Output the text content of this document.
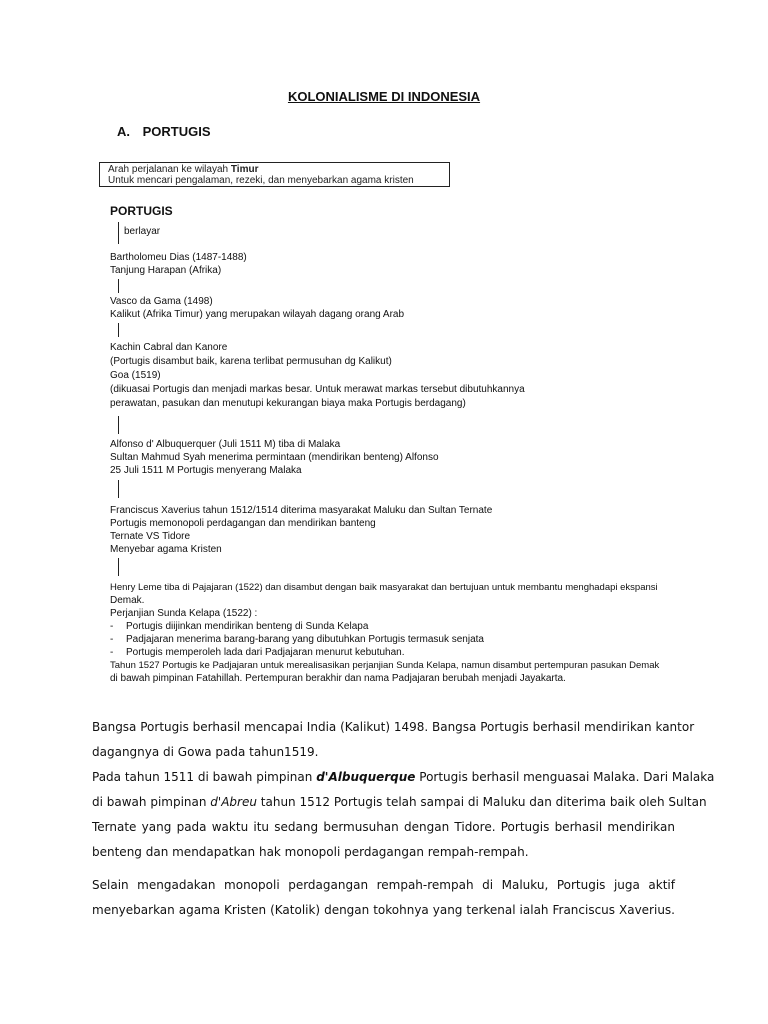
KOLONIALISME DI INDONESIA
A. PORTUGIS
Arah perjalanan ke wilayah Timur
Untuk mencari pengalaman, rezeki, dan menyebarkan agama kristen
PORTUGIS
berlayar
Bartholomeu Dias (1487-1488)
Tanjung Harapan (Afrika)
Vasco da Gama (1498)
Kalikut (Afrika Timur) yang merupakan wilayah dagang orang Arab
Kachin Cabral dan Kanore
(Portugis disambut baik, karena terlibat permusuhan dg Kalikut)
Goa (1519)
(dikuasai Portugis dan menjadi markas besar. Untuk merawat markas tersebut dibutuhkannya
perawatan, pasukan dan menutupi kekurangan biaya maka Portugis berdagang)
Alfonso d' Albuquerquer (Juli 1511 M) tiba di Malaka
Sultan Mahmud Syah menerima permintaan (mendirikan benteng) Alfonso
25 Juli 1511 M Portugis menyerang Malaka
Franciscus Xaverius tahun 1512/1514 diterima masyarakat Maluku dan Sultan Ternate
Portugis memonopoli perdagangan dan mendirikan banteng
Ternate VS Tidore
Menyebar agama Kristen
Henry Leme tiba di Pajajaran (1522) dan disambut dengan baik masyarakat dan bertujuan untuk membantu menghadapi ekspansi
Demak.
Perjanjian Sunda Kelapa (1522) :
- Portugis diijinkan mendirikan benteng di Sunda Kelapa
- Padjajaran menerima barang-barang yang dibutuhkan Portugis termasuk senjata
- Portugis memperoleh lada dari Padjajaran menurut kebutuhan.
Tahun 1527 Portugis ke Padjajaran untuk merealisasikan perjanjian Sunda Kelapa, namun disambut pertempuran pasukan Demak
di bawah pimpinan Fatahillah. Pertempuran berakhir dan nama Padjajaran berubah menjadi Jayakarta.
Bangsa Portugis berhasil mencapai India (Kalikut) 1498. Bangsa Portugis berhasil mendirikan kantor
dagangnya di Gowa pada tahun1519.
Pada tahun 1511 di bawah pimpinan d'Albuquerque Portugis berhasil menguasai Malaka. Dari Malaka
di bawah pimpinan d'Abreu tahun 1512 Portugis telah sampai di Maluku dan diterima baik oleh Sultan
Ternate yang pada waktu itu sedang bermusuhan dengan Tidore. Portugis berhasil mendirikan
benteng dan mendapatkan hak monopoli perdagangan rempah-rempah.
Selain mengadakan monopoli perdagangan rempah-rempah di Maluku, Portugis juga aktif
menyebarkan agama Kristen (Katolik) dengan tokohnya yang terkenal ialah Franciscus Xaverius.
